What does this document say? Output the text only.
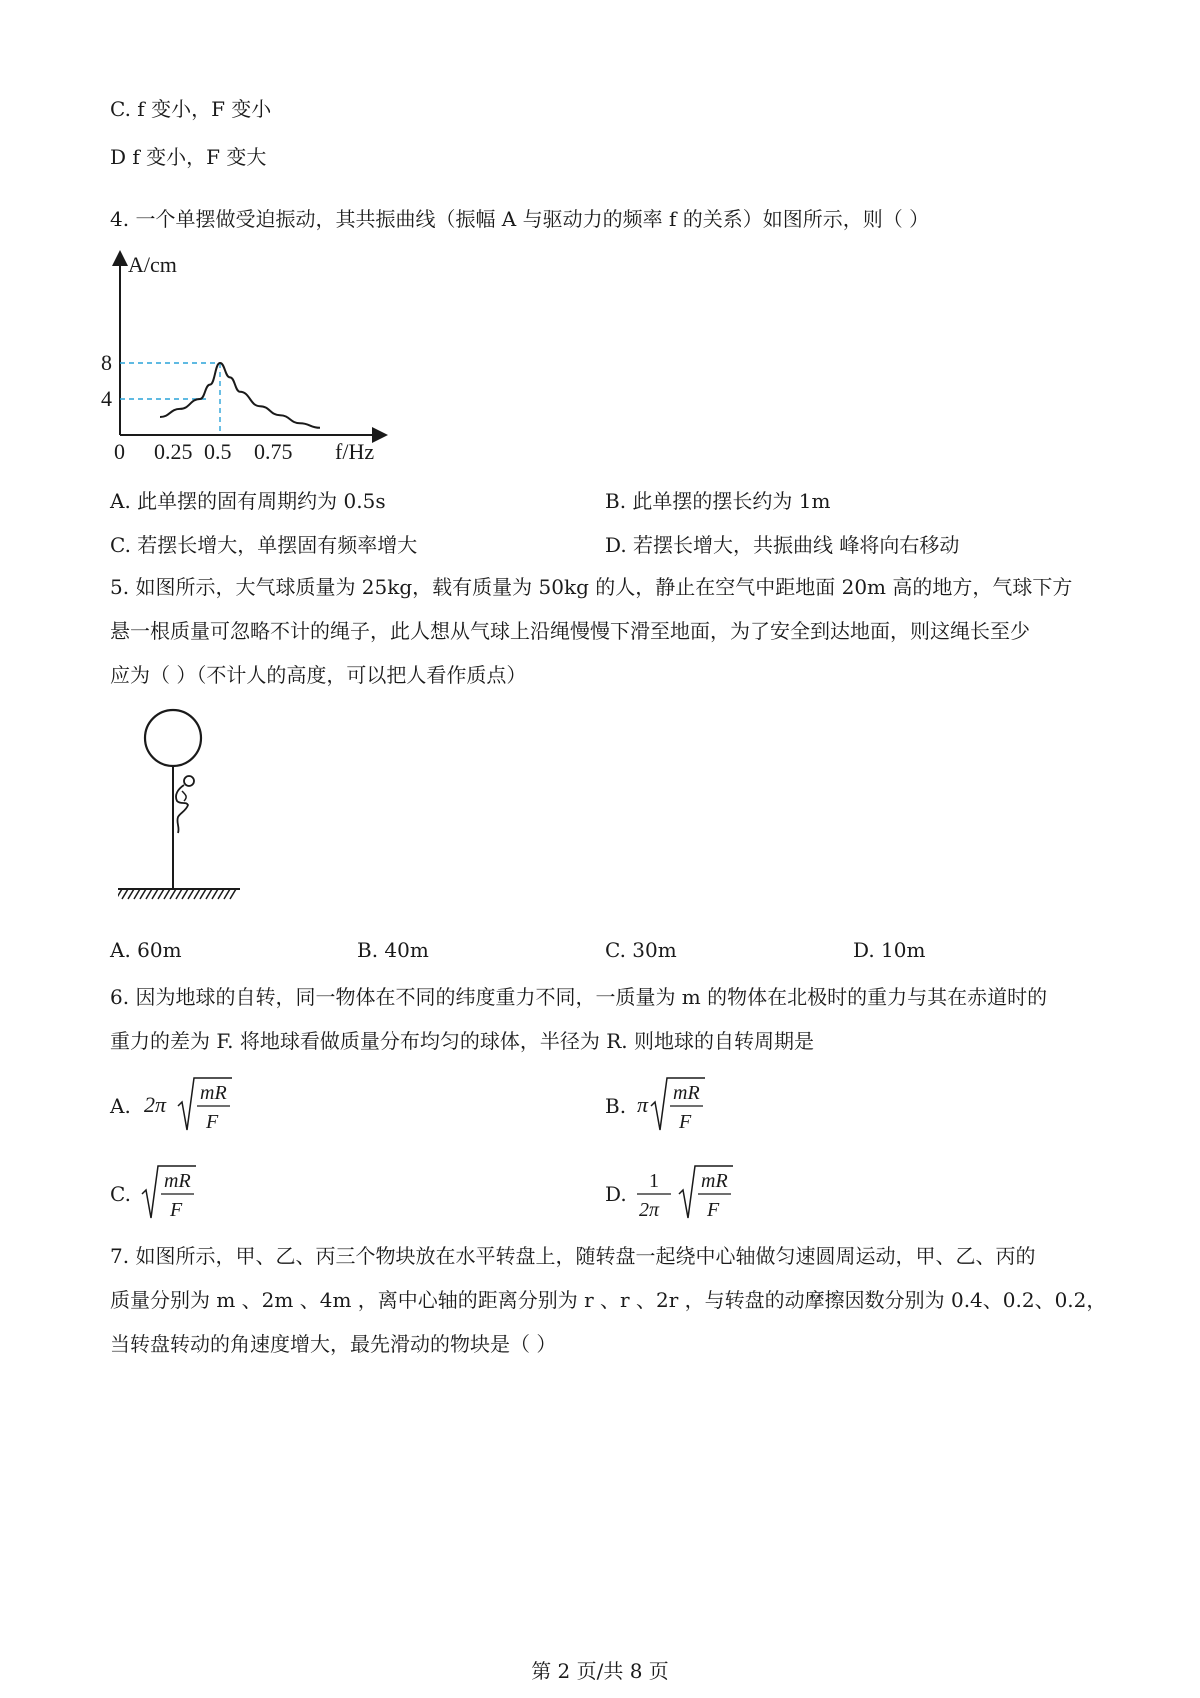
C. f 变小，F 变小
D f 变小，F 变大
4. 一个单摆做受迫振动，其共振曲线（振幅 A 与驱动力的频率 f 的关系）如图所示，则（ ）
0 0.25 0.5 0.75
4
8
A/cm
f/Hz
A. 此单摆的固有周期约为 0.5s	B. 此单摆的摆长约为 1m
C. 若摆长增大，单摆固有频率增大	D. 若摆长增大，共振曲线 峰将向右移动
5. 如图所示，大气球质量为 25kg，载有质量为 50kg 的人，静止在空气中距地面 20m 高的地方，气球下方
悬一根质量可忽略不计的绳子，此人想从气球上沿绳慢慢下滑至地面，为了安全到达地面，则这绳长至少
应为（ ）（不计人的高度，可以把人看作质点）
A. 60m	B. 40m	C. 30m	D. 10m
6. 因为地球的自转，同一物体在不同的纬度重力不同，一质量为 m 的物体在北极时的重力与其在赤道时的
重力的差为 F. 将地球看做质量分布均匀的球体，半径为 R. 则地球的自转周期是
A. 2π mR
F
B. π mR
F
C.
mR
F
D.
1
2π
mR
F
7. 如图所示，甲、乙、丙三个物块放在水平转盘上，随转盘一起绕中心轴做匀速圆周运动，甲、乙、丙的
质量分别为 m 、2m 、4m ，离中心轴的距离分别为 r 、r 、2r ，与转盘的动摩擦因数分别为 0.4、0.2、0.2，
当转盘转动的角速度增大，最先滑动的物块是（ ）
第 2 页/共 8 页
